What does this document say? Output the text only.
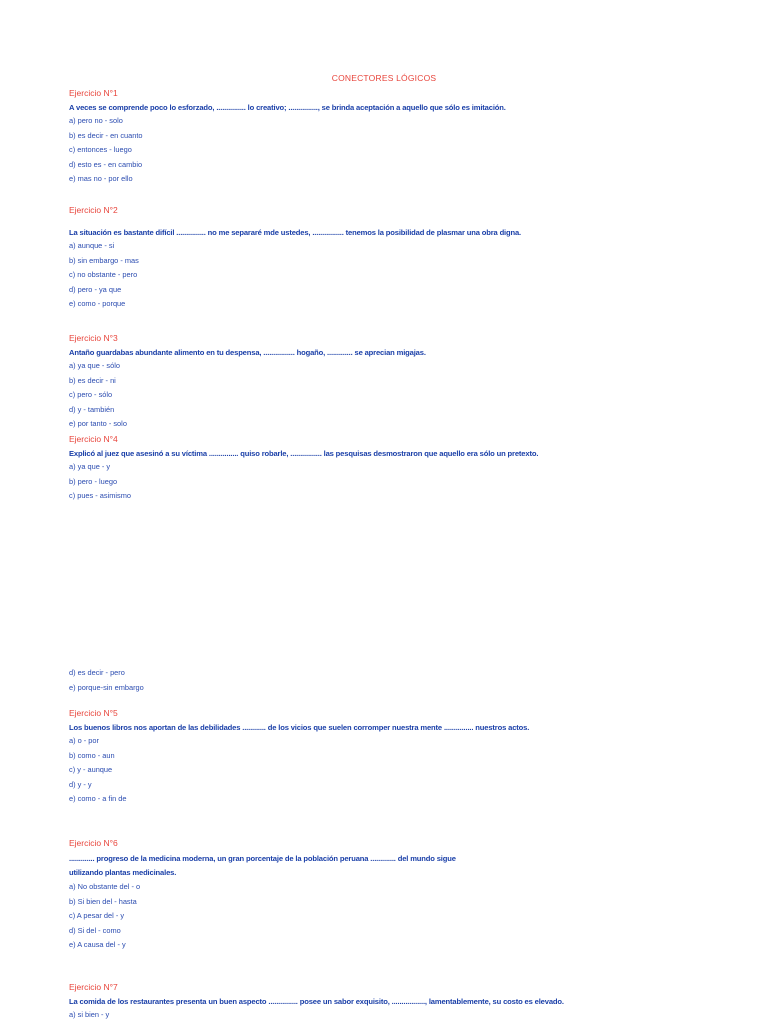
CONECTORES LÓGICOS
Ejercicio N°1
A veces se comprende poco lo esforzado, ............... lo creativo; ..............., se brinda aceptación a aquello que sólo es imitación.
a) pero no - solo
b) es decir - en cuanto
c) entonces - luego
d) esto es - en cambio
e) mas no - por ello
Ejercicio N°2
La situación es bastante difícil ............... no me separaré mde ustedes, ................ tenemos la posibilidad de plasmar una obra digna.
a) aunque - si
b) sin embargo - mas
c) no obstante - pero
d) pero - ya que
e) como - porque
Ejercicio N°3
Antaño guardabas abundante alimento en tu despensa, ................ hogaño, ............. se aprecian migajas.
a) ya que - sólo
b) es decir - ni
c) pero - sólo
d) y - también
e) por tanto - solo
Ejercicio N°4
Explicó al juez que asesinó a su víctima ............... quiso robarle, ................ las pesquisas desmostraron que aquello era sólo un pretexto.
a) ya que - y
b) pero - luego
c) pues - asimismo
d) es decir - pero
e) porque-sin embargo
Ejercicio N°5
Los buenos libros nos aportan de las debilidades ............ de los vicios que suelen corromper nuestra mente ............... nuestros actos.
a) o - por
b) como - aun
c) y - aunque
d) y - y
e) como - a fin de
Ejercicio N°6
............. progreso de la medicina moderna, un gran porcentaje de la población peruana ............. del mundo sigue
utilizando plantas medicinales.
a) No obstante del - o
b) Si bien del - hasta
c) A pesar del - y
d) Si del - como
e) A causa del - y
Ejercicio N°7
La comida de los restaurantes presenta un buen aspecto ............... posee un sabor exquisito, ................., lamentablemente, su costo es elevado.
a) si bien - y
